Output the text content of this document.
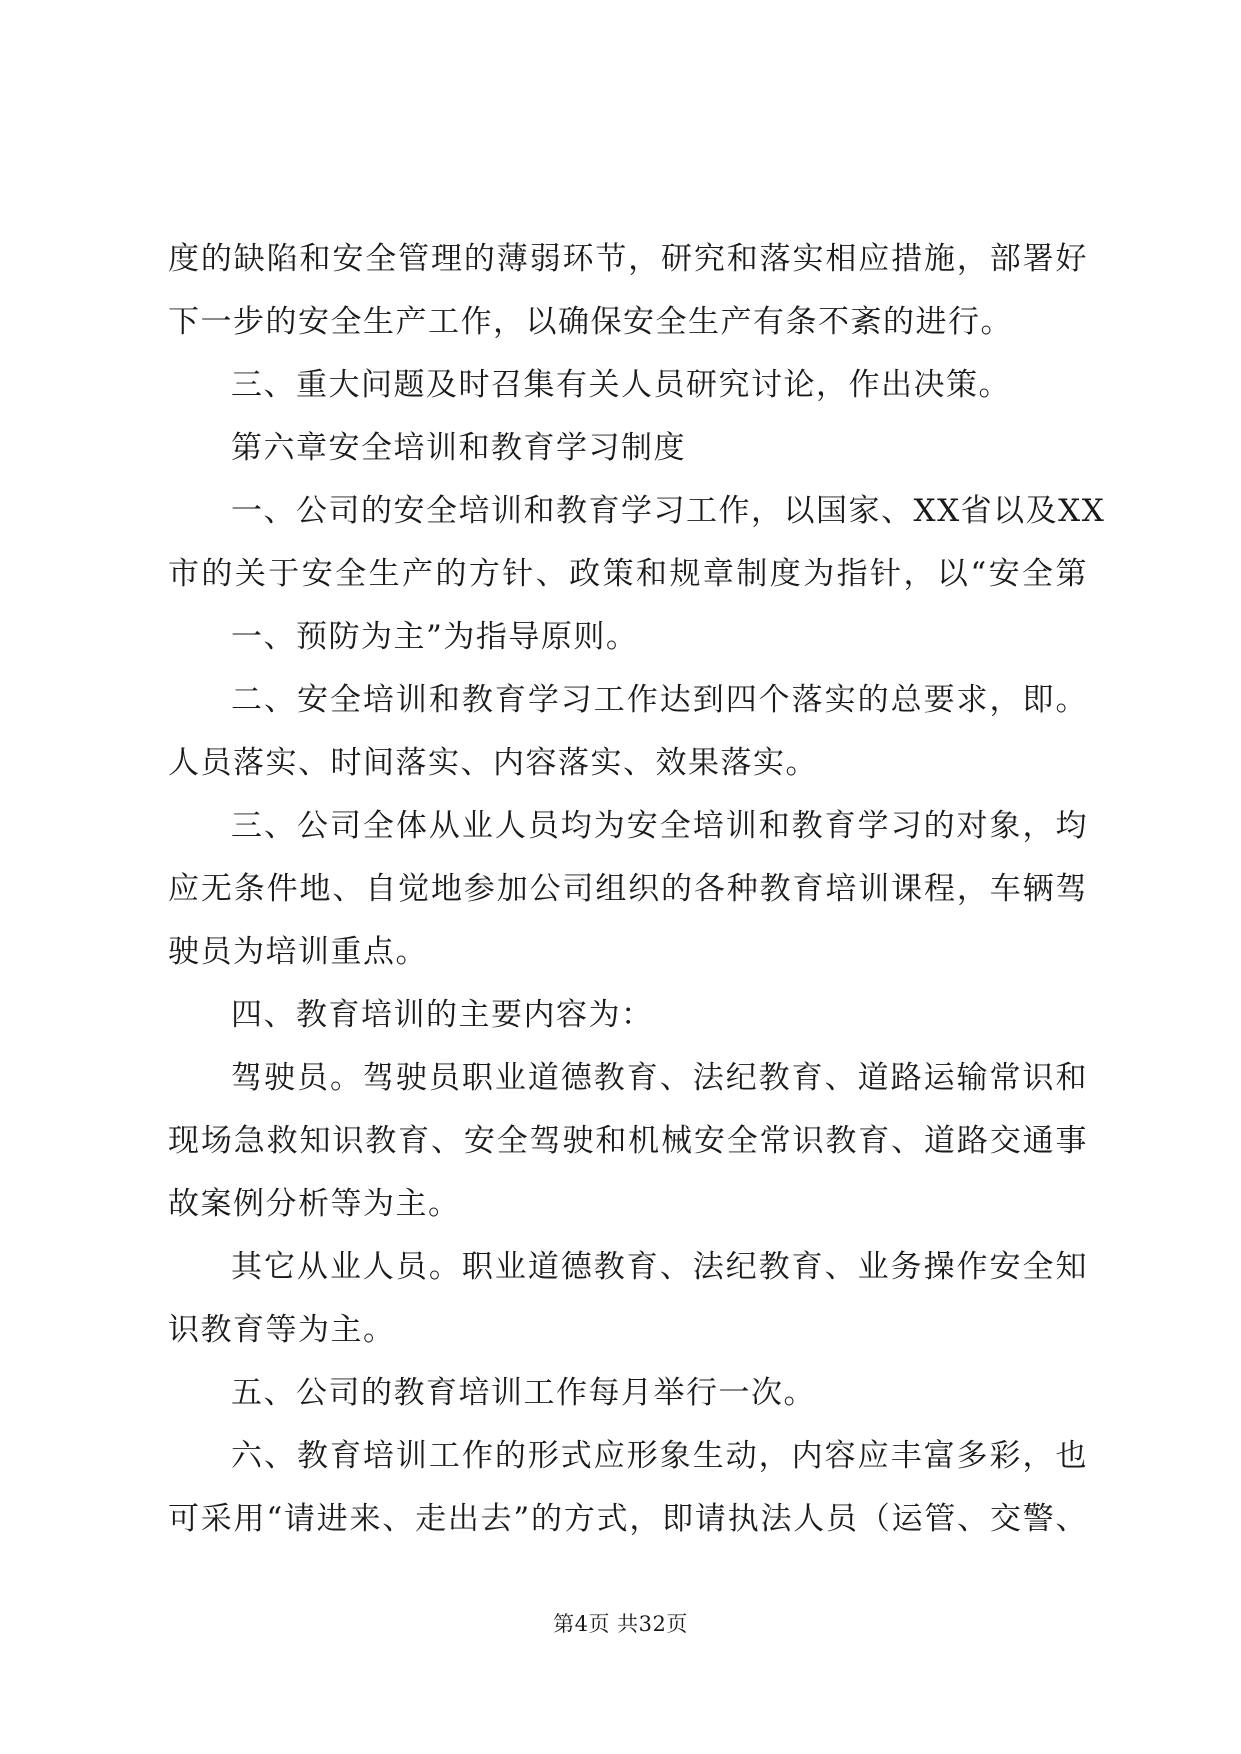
度的缺陷和安全管理的薄弱环节，研究和落实相应措施，部署好
下一步的安全生产工作，以确保安全生产有条不紊的进行。
三、重大问题及时召集有关人员研究讨论，作出决策。
第六章安全培训和教育学习制度
一、公司的安全培训和教育学习工作，以国家、XX省以及XX
市的关于安全生产的方针、政策和规章制度为指针，以“安全第
一、预防为主”为指导原则。
二、安全培训和教育学习工作达到四个落实的总要求，即。
人员落实、时间落实、内容落实、效果落实。
三、公司全体从业人员均为安全培训和教育学习的对象，均
应无条件地、自觉地参加公司组织的各种教育培训课程，车辆驾
驶员为培训重点。
四、教育培训的主要内容为：
驾驶员。驾驶员职业道德教育、法纪教育、道路运输常识和
现场急救知识教育、安全驾驶和机械安全常识教育、道路交通事
故案例分析等为主。
其它从业人员。职业道德教育、法纪教育、业务操作安全知
识教育等为主。
五、公司的教育培训工作每月举行一次。
六、教育培训工作的形式应形象生动，内容应丰富多彩，也
可采用“请进来、走出去”的方式，即请执法人员（运管、交警、
第4页 共32页
